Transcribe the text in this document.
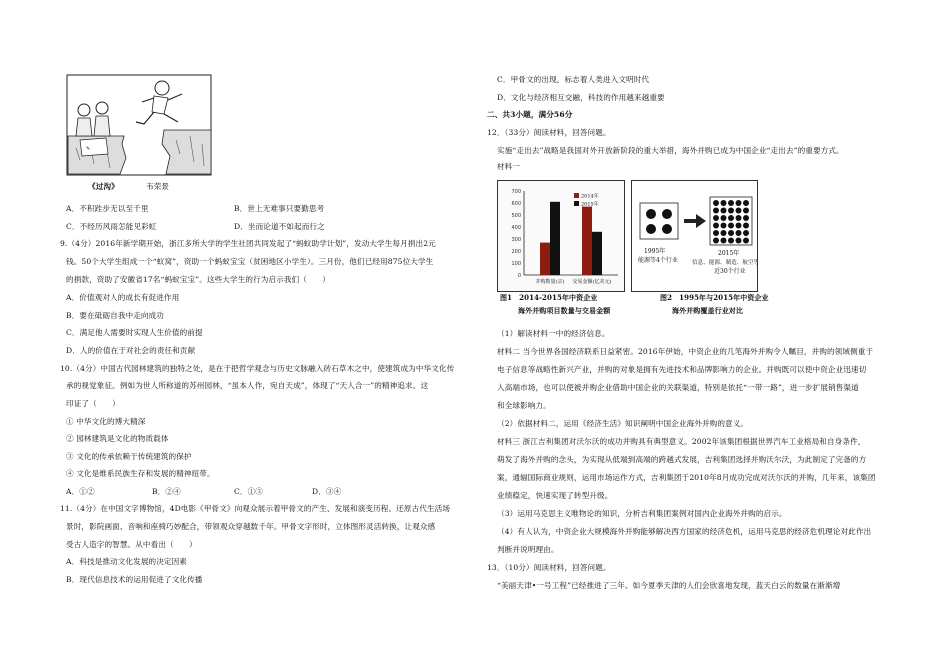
✎
《过沟》	韦荣景
A．不积跬步无以至千里	B．世上无难事只要勤思考
C．不经历风雨怎能见彩虹	D．坐而论道不如起而行之
9.（4分）2016年新学期开始，浙江多所大学的学生社团共同发起了“蚂蚁助学计划”，发动大学生每月捐出2元
钱。50个大学生组成一个“蚁窝”，资助一个蚂蚁宝宝（贫困地区小学生）。三月份，他们已经用875位大学生
的捐款，资助了安徽省17名“蚂蚁宝宝”。这些大学生的行为启示我们（　　）
A．价值观对人的成长有促进作用
B．要在砥砺自我中走向成功
C．满足他人需要时实现人生价值的前提
D．人的价值在于对社会的责任和贡献
10.（4分）中国古代园林建筑的独特之处，是在于把哲学观念与历史文脉融入砖石草木之中，使建筑成为中华文化传
承的视觉象征。例如为世人所称道的苏州园林，“虽本人作，宛自天成”，体现了“天人合一”的精神追求。这
印证了（　　）
① 中华文化的博大精深
② 园林建筑是文化的物质载体
③ 文化的传承依赖于传统建筑的保护
④ 文化是维系民族生存和发展的精神纽带。
A．①②	B．②④	C．①③	D．③④
11.（4分）在中国文字博物馆，4D电影《甲骨文》向观众展示着甲骨文的产生、发展和演变历程。还原古代生活场
景时，影院画面、音响和座椅巧妙配合，带领观众穿越数千年。甲骨文字形时，立体图形灵活转换，让观众感
受古人造字的智慧。从中看出（　　）
A．科技是推动文化发展的决定因素
B．现代信息技术的运用促进了文化传播
C．甲骨文的出现，标志着人类进入文明时代
D．文化与经济相互交融，科技的作用越来越重要
二、共3小题，满分56分
12．（33分）阅读材料，回答问题。
实施“走出去”战略是我国对外开放新阶段的重大举措，海外并购已成为中国企业“走出去”的重要方式。
材料一
700
600
500
400
300
200
100
0
并购数量(宗) 交易金额(亿美元)
2014年
2015年
图1　2014-2015年中资企业
海外并购项目数量与交易金额
1995年
能源等4个行业
2015年
信息、能源、制造、航空等
近30个行业
图2　1995年与2015年中资企业
海外并购覆盖行业对比
（1）解读材料一中的经济信息。
材料二 当今世界各国经济联系日益紧密。2016年伊始，中资企业的几笔海外并购令人瞩目，并购的领域侧重于
电子信息等战略性新兴产业，并购的对象是拥有先进技术和品牌影响力的企业。并购既可以使中资企业迅速切
入高端市场，也可以使被并购企业借助中国企业的关联渠道，特别是依托“一带一路”，进一步扩展销售渠道
和全球影响力。
（2）依据材料二，运用《经济生活》知识阐明中国企业海外并购的意义。
材料三 浙江吉利集团对沃尔沃的成功并购具有典型意义。2002年该集团根据世界汽车工业格局和自身条件，
萌发了海外并购的念头，为实现从低端到高端的跨越式发展，吉利集团选择并购沃尔沃，为此制定了完备的方
案，通辐国际商业规则，运用市场运作方式，吉利集团于2010年8月成功完成对沃尔沃的并购，几年来，该集团
业绩稳定，快速实现了转型升级。
（3）运用马克思主义唯物论的知识，分析吉利集团案例对国内企业海外并购的启示。
（4）有人认为，中资企业大规模海外并购能够解决西方国家的经济危机，运用马克思的经济危机理论对此作出
判断并说明理由。
13．（10分）阅读材料，回答问题。
“美丽天津•一号工程”已经推进了三年。如今夏季天津的人们会欣喜地发现，蓝天白云的数量在渐渐增
